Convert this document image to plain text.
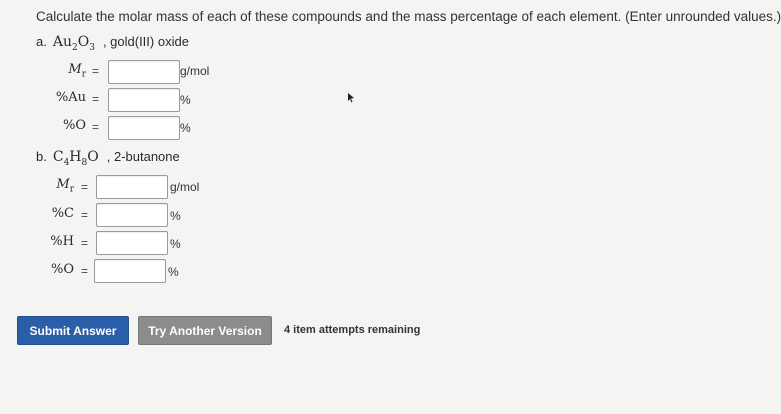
Calculate the molar mass of each of these compounds and the mass percentage of each element. (Enter unrounded values.)
a. $Au_2O_3$ , gold(III) oxide
$M_r$ =	g/mol
%Au =	%
%O =	%
b. $C_4H_8O$ , 2-butanone
$M_r$ =	g/mol
%C =	%
%H =	%
%O =	%
Submit Answer	Try Another Version	4 item attempts remaining
